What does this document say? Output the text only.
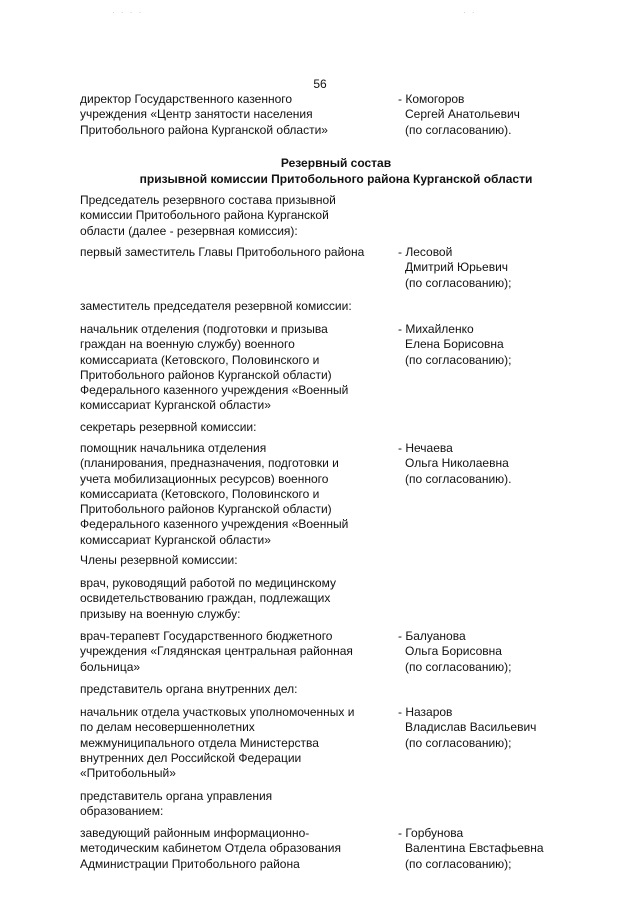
· · · ·	· ·
56
директор Государственного казенного
учреждения «Центр занятости населения
Притобольного района Курганской области»
- Комогоров
Сергей Анатольевич
(по согласованию).
Резервный состав
призывной комиссии Притобольного района Курганской области
Председатель резервного состава призывной
комиссии Притобольного района Курганской
области (далее - резервная комиссия):
первый заместитель Главы Притобольного района	- Лесовой
Дмитрий Юрьевич
(по согласованию);
заместитель председателя резервной комиссии:
начальник отделения (подготовки и призыва
граждан на военную службу) военного
комиссариата (Кетовского, Половинского и
Притобольного районов Курганской области)
Федерального казенного учреждения «Военный
комиссариат Курганской области»
- Михайленко
Елена Борисовна
(по согласованию);
секретарь резервной комиссии:
помощник начальника отделения
(планирования, предназначения, подготовки и
учета мобилизационных ресурсов) военного
комиссариата (Кетовского, Половинского и
Притобольного районов Курганской области)
Федерального казенного учреждения «Военный
комиссариат Курганской области»
- Нечаева
Ольга Николаевна
(по согласованию).
Члены резервной комиссии:
врач, руководящий работой по медицинскому
освидетельствованию граждан, подлежащих
призыву на военную службу:
врач-терапевт Государственного бюджетного
учреждения «Глядянская центральная районная
больница»
- Балуанова
Ольга Борисовна
(по согласованию);
представитель органа внутренних дел:
начальник отдела участковых уполномоченных и
по делам несовершеннолетних
межмуниципального отдела Министерства
внутренних дел Российской Федерации
«Притобольный»
- Назаров
Владислав Васильевич
(по согласованию);
представитель органа управления
образованием:
заведующий районным информационно-
методическим кабинетом Отдела образования
Администрации Притобольного района
- Горбунова
Валентина Евстафьевна
(по согласованию);
